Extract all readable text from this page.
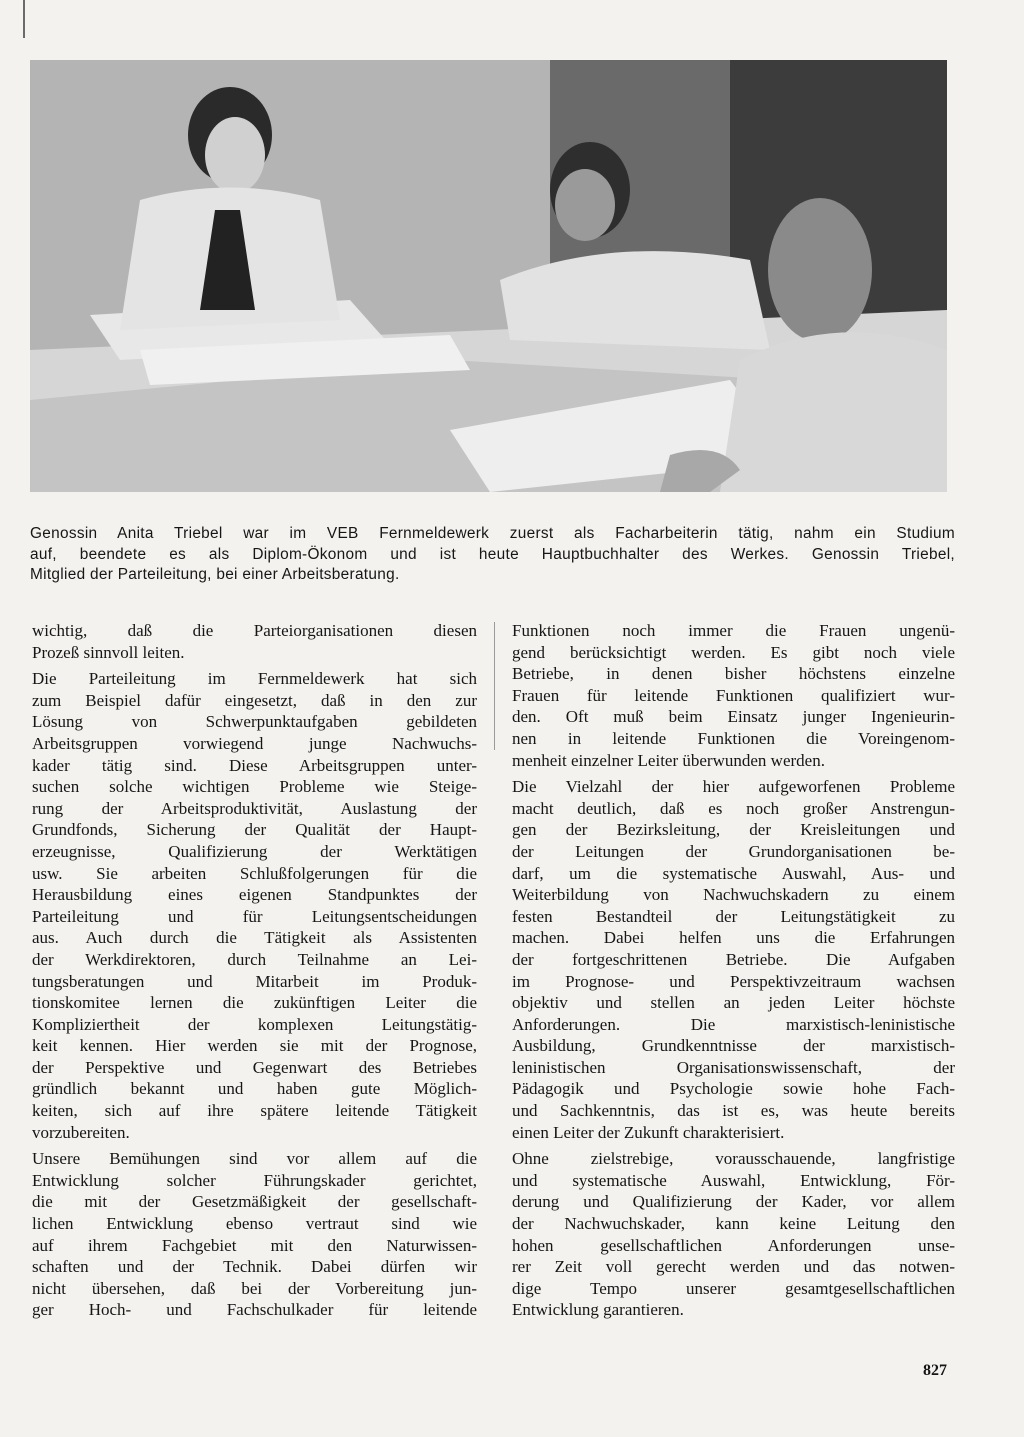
Genossin Anita Triebel war im VEB Fernmeldewerk zuerst als Facharbeiterin tätig, nahm ein Studium
auf, beendete es als Diplom-Ökonom und ist heute Hauptbuchhalter des Werkes. Genossin Triebel,
Mitglied der Parteileitung, bei einer Arbeitsberatung.

wichtig, daß die Parteiorganisationen diesen
Prozeß sinnvoll leiten.

Die Parteileitung im Fernmeldewerk hat sich
zum Beispiel dafür eingesetzt, daß in den zur
Lösung von Schwerpunktaufgaben gebildeten
Arbeitsgruppen vorwiegend junge Nachwuchs-
kader tätig sind. Diese Arbeitsgruppen unter-
suchen solche wichtigen Probleme wie Steige-
rung der Arbeitsproduktivität, Auslastung der
Grundfonds, Sicherung der Qualität der Haupt-
erzeugnisse, Qualifizierung der Werktätigen
usw. Sie arbeiten Schlußfolgerungen für die
Herausbildung eines eigenen Standpunktes der
Parteileitung und für Leitungsentscheidungen
aus. Auch durch die Tätigkeit als Assistenten
der Werkdirektoren, durch Teilnahme an Lei-
tungsberatungen und Mitarbeit im Produk-
tionskomitee lernen die zukünftigen Leiter die
Kompliziertheit der komplexen Leitungstätig-
keit kennen. Hier werden sie mit der Prognose,
der Perspektive und Gegenwart des Betriebes
gründlich bekannt und haben gute Möglich-
keiten, sich auf ihre spätere leitende Tätigkeit
vorzubereiten.

Unsere Bemühungen sind vor allem auf die
Entwicklung solcher Führungskader gerichtet,
die mit der Gesetzmäßigkeit der gesellschaft-
lichen Entwicklung ebenso vertraut sind wie
auf ihrem Fachgebiet mit den Naturwissen-
schaften und der Technik. Dabei dürfen wir
nicht übersehen, daß bei der Vorbereitung jun-
ger Hoch- und Fachschulkader für leitende

Funktionen noch immer die Frauen ungenü-
gend berücksichtigt werden. Es gibt noch viele
Betriebe, in denen bisher höchstens einzelne
Frauen für leitende Funktionen qualifiziert wur-
den. Oft muß beim Einsatz junger Ingenieurin-
nen in leitende Funktionen die Voreingenom-
menheit einzelner Leiter überwunden werden.

Die Vielzahl der hier aufgeworfenen Probleme
macht deutlich, daß es noch großer Anstrengun-
gen der Bezirksleitung, der Kreisleitungen und
der Leitungen der Grundorganisationen be-
darf, um die systematische Auswahl, Aus- und
Weiterbildung von Nachwuchskadern zu einem
festen Bestandteil der Leitungstätigkeit zu
machen. Dabei helfen uns die Erfahrungen
der fortgeschrittenen Betriebe. Die Aufgaben
im Prognose- und Perspektivzeitraum wachsen
objektiv und stellen an jeden Leiter höchste
Anforderungen. Die marxistisch-leninistische
Ausbildung, Grundkenntnisse der marxistisch-
leninistischen Organisationswissenschaft, der
Pädagogik und Psychologie sowie hohe Fach-
und Sachkenntnis, das ist es, was heute bereits
einen Leiter der Zukunft charakterisiert.

Ohne zielstrebige, vorausschauende, langfristige
und systematische Auswahl, Entwicklung, För-
derung und Qualifizierung der Kader, vor allem
der Nachwuchskader, kann keine Leitung den
hohen gesellschaftlichen Anforderungen unse-
rer Zeit voll gerecht werden und das notwen-
dige Tempo unserer gesamtgesellschaftlichen
Entwicklung garantieren.

827
